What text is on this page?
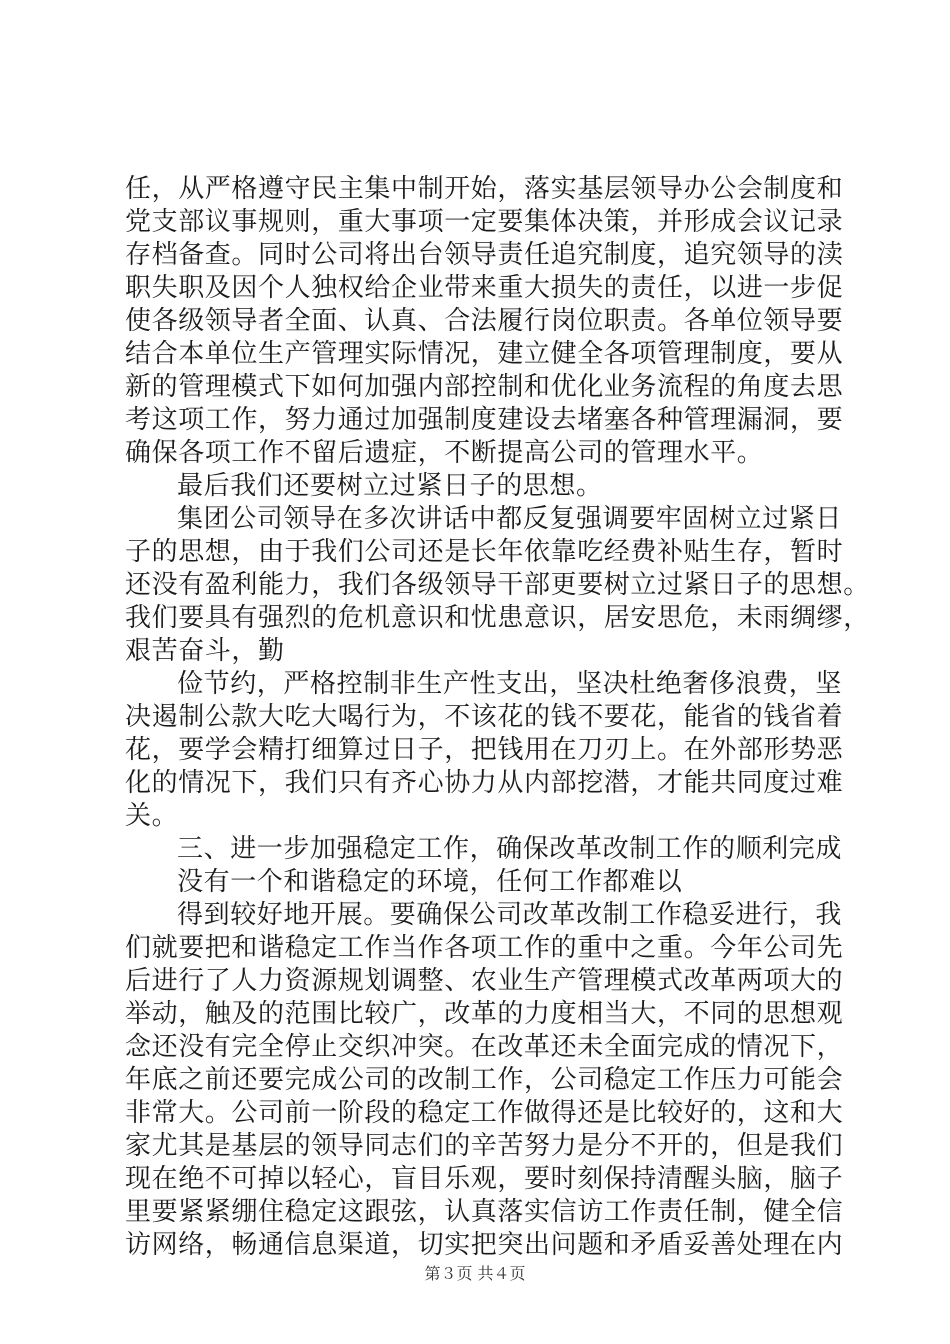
任，从严格遵守民主集中制开始，落实基层领导办公会制度和
党支部议事规则，重大事项一定要集体决策，并形成会议记录
存档备查。同时公司将出台领导责任追究制度，追究领导的渎
职失职及因个人独权给企业带来重大损失的责任，以进一步促
使各级领导者全面、认真、合法履行岗位职责。各单位领导要
结合本单位生产管理实际情况，建立健全各项管理制度，要从
新的管理模式下如何加强内部控制和优化业务流程的角度去思
考这项工作，努力通过加强制度建设去堵塞各种管理漏洞，要
确保各项工作不留后遗症，不断提高公司的管理水平。
最后我们还要树立过紧日子的思想。
集团公司领导在多次讲话中都反复强调要牢固树立过紧日
子的思想，由于我们公司还是长年依靠吃经费补贴生存，暂时
还没有盈利能力，我们各级领导干部更要树立过紧日子的思想。
我们要具有强烈的危机意识和忧患意识，居安思危，未雨绸缪，
艰苦奋斗，勤
俭节约，严格控制非生产性支出，坚决杜绝奢侈浪费，坚
决遏制公款大吃大喝行为，不该花的钱不要花，能省的钱省着
花，要学会精打细算过日子，把钱用在刀刃上。在外部形势恶
化的情况下，我们只有齐心协力从内部挖潜，才能共同度过难
关。
三、进一步加强稳定工作，确保改革改制工作的顺利完成
没有一个和谐稳定的环境，任何工作都难以
得到较好地开展。要确保公司改革改制工作稳妥进行，我
们就要把和谐稳定工作当作各项工作的重中之重。今年公司先
后进行了人力资源规划调整、农业生产管理模式改革两项大的
举动，触及的范围比较广，改革的力度相当大，不同的思想观
念还没有完全停止交织冲突。在改革还未全面完成的情况下，
年底之前还要完成公司的改制工作，公司稳定工作压力可能会
非常大。公司前一阶段的稳定工作做得还是比较好的，这和大
家尤其是基层的领导同志们的辛苦努力是分不开的，但是我们
现在绝不可掉以轻心，盲目乐观，要时刻保持清醒头脑，脑子
里要紧紧绷住稳定这跟弦，认真落实信访工作责任制，健全信
访网络，畅通信息渠道，切实把突出问题和矛盾妥善处理在内
第３页 共４页
